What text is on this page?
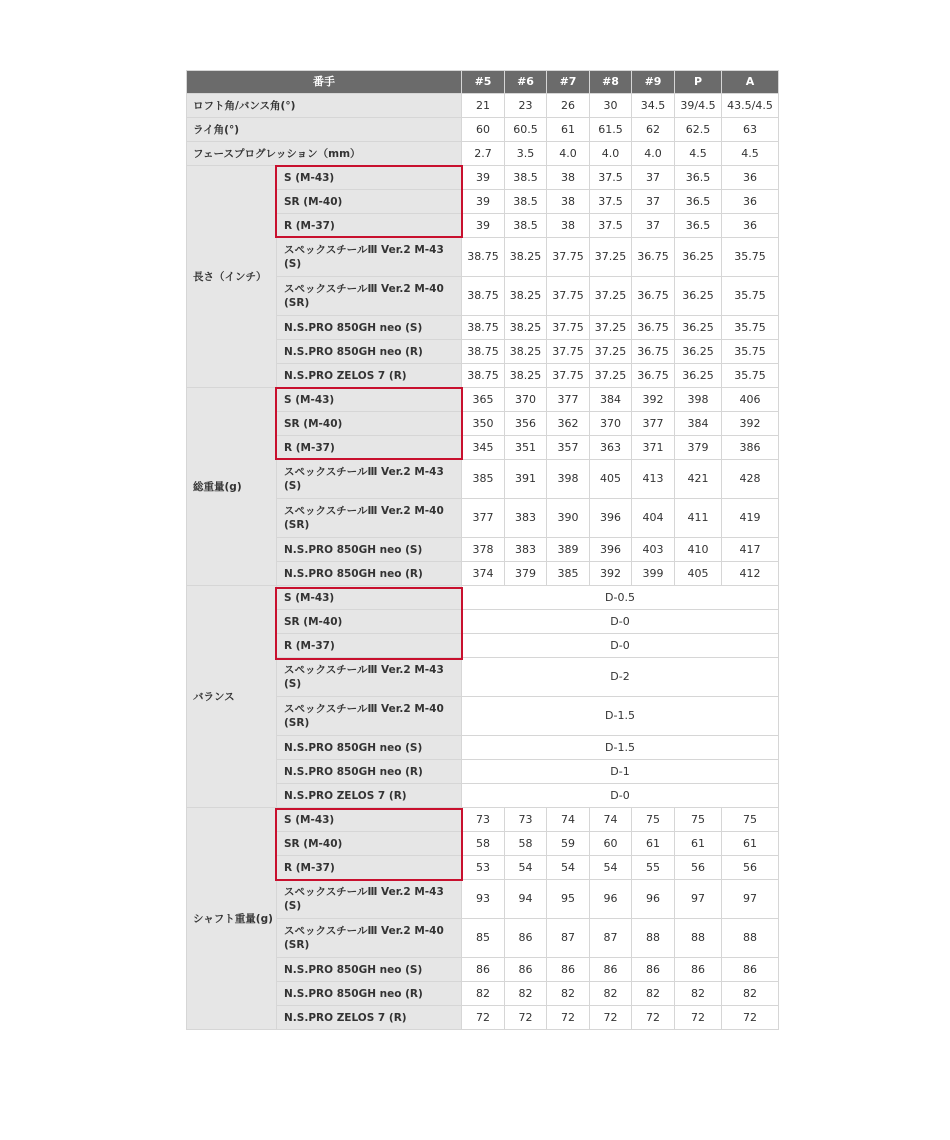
番手		#5	#6	#7	#8	#9	P	A
ロフト角/バンス角(°)		21	23	26	30	34.5	39/4.5	43.5/4.5
ライ角(°)		60	60.5	61	61.5	62	62.5	63
フェースプログレッション（mm）		2.7	3.5	4.0	4.0	4.0	4.5	4.5
長さ（インチ）	S (M-43)	39	38.5	38	37.5	37	36.5	36
	SR (M-40)	39	38.5	38	37.5	37	36.5	36
	R (M-37)	39	38.5	38	37.5	37	36.5	36
	スペックスチールⅢ Ver.2 M-43 (S)	38.75	38.25	37.75	37.25	36.75	36.25	35.75
	スペックスチールⅢ Ver.2 M-40 (SR)	38.75	38.25	37.75	37.25	36.75	36.25	35.75
	N.S.PRO 850GH neo (S)	38.75	38.25	37.75	37.25	36.75	36.25	35.75
	N.S.PRO 850GH neo (R)	38.75	38.25	37.75	37.25	36.75	36.25	35.75
	N.S.PRO ZELOS 7 (R)	38.75	38.25	37.75	37.25	36.75	36.25	35.75
総重量(g)	S (M-43)	365	370	377	384	392	398	406
	SR (M-40)	350	356	362	370	377	384	392
	R (M-37)	345	351	357	363	371	379	386
	スペックスチールⅢ Ver.2 M-43 (S)	385	391	398	405	413	421	428
	スペックスチールⅢ Ver.2 M-40 (SR)	377	383	390	396	404	411	419
	N.S.PRO 850GH neo (S)	378	383	389	396	403	410	417
	N.S.PRO 850GH neo (R)	374	379	385	392	399	405	412
バランス	S (M-43)	D-0.5						
	SR (M-40)	D-0						
	R (M-37)	D-0						
	スペックスチールⅢ Ver.2 M-43 (S)	D-2						
	スペックスチールⅢ Ver.2 M-40 (SR)	D-1.5						
	N.S.PRO 850GH neo (S)	D-1.5						
	N.S.PRO 850GH neo (R)	D-1						
	N.S.PRO ZELOS 7 (R)	D-0						
シャフト重量(g)	S (M-43)	73	73	74	74	75	75	75
	SR (M-40)	58	58	59	60	61	61	61
	R (M-37)	53	54	54	54	55	56	56
	スペックスチールⅢ Ver.2 M-43 (S)	93	94	95	96	96	97	97
	スペックスチールⅢ Ver.2 M-40 (SR)	85	86	87	87	88	88	88
	N.S.PRO 850GH neo (S)	86	86	86	86	86	86	86
	N.S.PRO 850GH neo (R)	82	82	82	82	82	82	82
	N.S.PRO ZELOS 7 (R)	72	72	72	72	72	72	72
